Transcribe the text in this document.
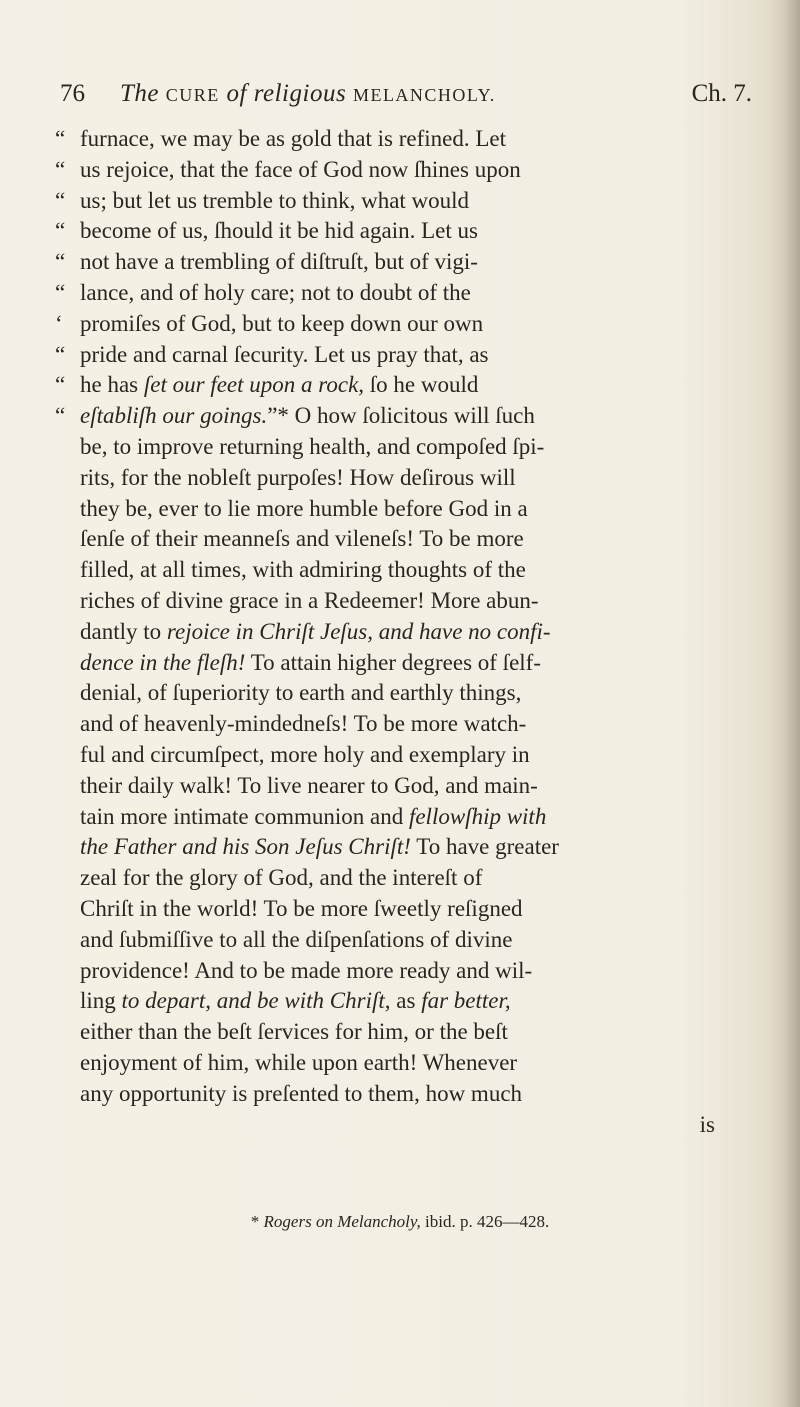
76 The CURE of religious MELANCHOLY.	Ch. 7.
“ furnace, we may be as gold that is refined. Let
“ us rejoice, that the face of God now ſhines upon
“ us; but let us tremble to think, what would
“ become of us, ſhould it be hid again. Let us
“ not have a trembling of diſtruſt, but of vigi-
“ lance, and of holy care; not to doubt of the
‘ promiſes of God, but to keep down our own
“ pride and carnal ſecurity. Let us pray that, as
“ he has ſet our feet upon a rock, ſo he would
“ eſtabliſh our goings.”* O how ſolicitous will ſuch
be, to improve returning health, and compoſed ſpi-
rits, for the nobleſt purpoſes! How deſirous will
they be, ever to lie more humble before God in a
ſenſe of their meanneſs and vileneſs! To be more
filled, at all times, with admiring thoughts of the
riches of divine grace in a Redeemer! More abun-
dantly to rejoice in Chriſt Jeſus, and have no confi-
dence in the fleſh! To attain higher degrees of ſelf-
denial, of ſuperiority to earth and earthly things,
and of heavenly-mindedneſs! To be more watch-
ful and circumſpect, more holy and exemplary in
their daily walk! To live nearer to God, and main-
tain more intimate communion and fellowſhip with
the Father and his Son Jeſus Chriſt! To have greater
zeal for the glory of God, and the intereſt of
Chriſt in the world! To be more ſweetly reſigned
and ſubmiſſive to all the diſpenſations of divine
providence! And to be made more ready and wil-
ling to depart, and be with Chriſt, as far better,
either than the beſt ſervices for him, or the beſt
enjoyment of him, while upon earth! Whenever
any opportunity is preſented to them, how much
is
* Rogers on Melancholy, ibid. p. 426—428.
